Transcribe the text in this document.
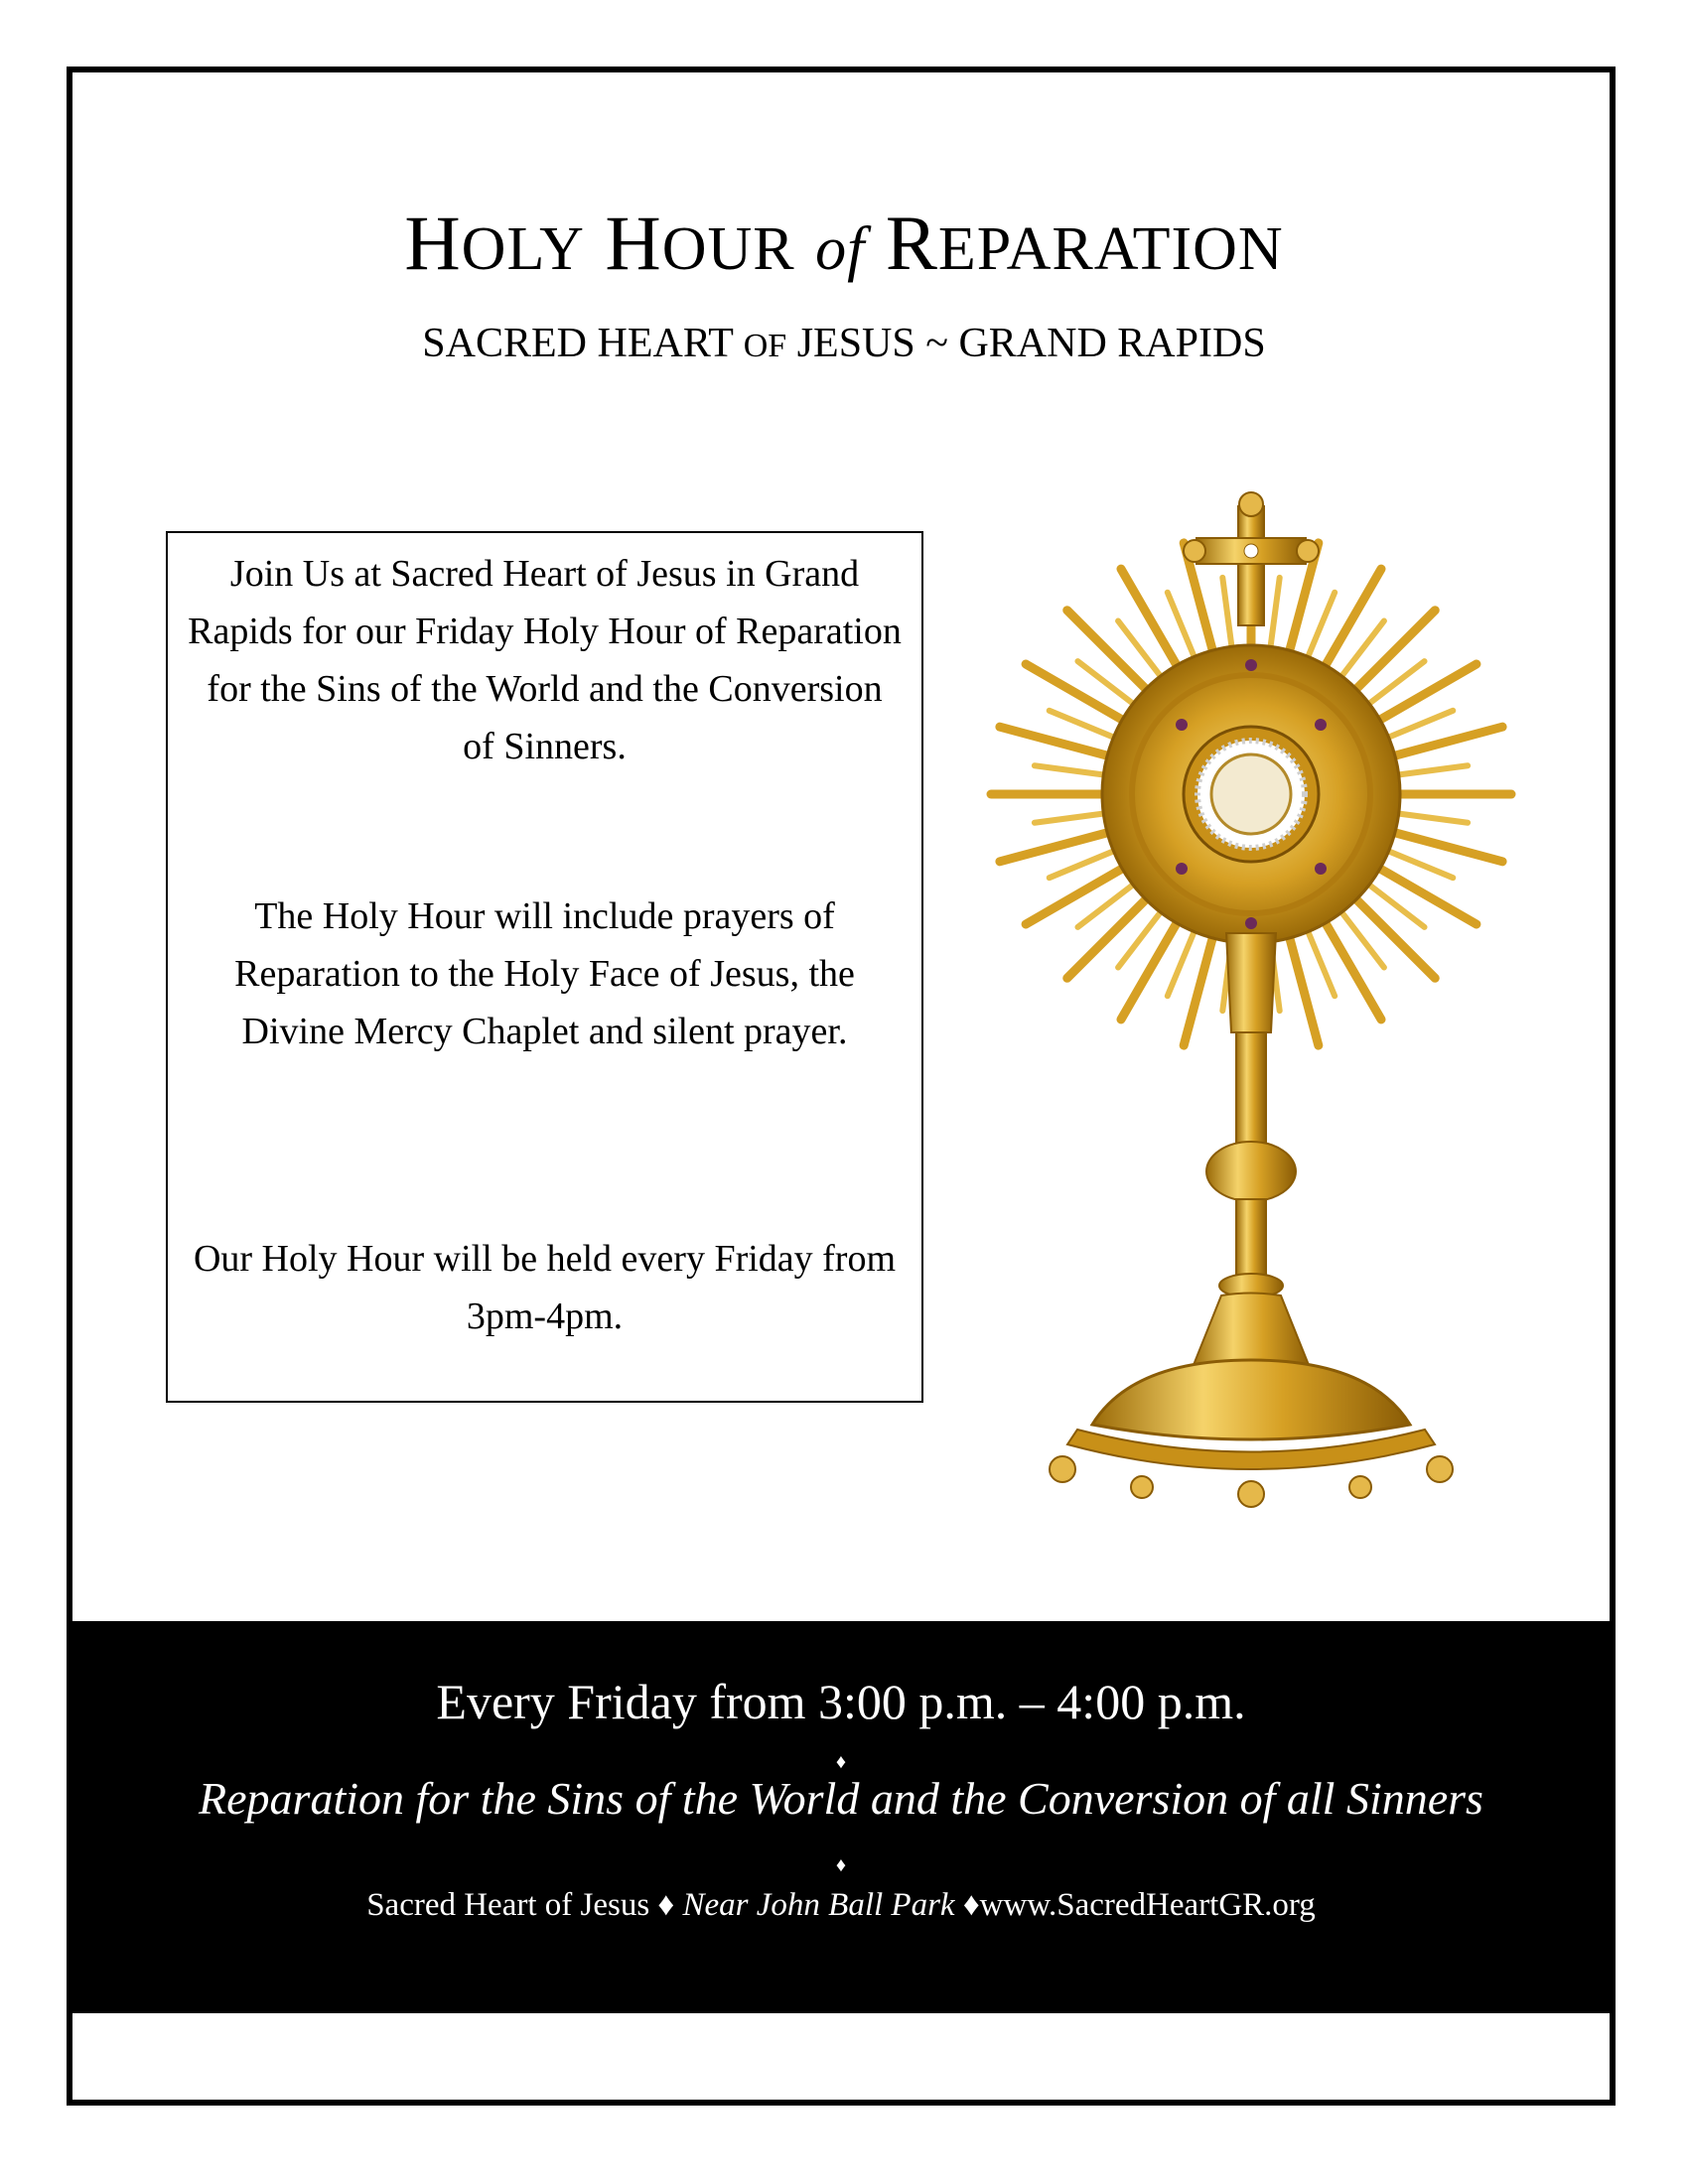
HOLY HOUR of REPARATION
SACRED HEART OF JESUS ~ GRAND RAPIDS

Join Us at Sacred Heart of Jesus in Grand Rapids for our Friday Holy Hour of Reparation for the Sins of the World and the Conversion of Sinners.

The Holy Hour will include prayers of Reparation to the Holy Face of Jesus, the Divine Mercy Chaplet and silent prayer.

Our Holy Hour will be held every Friday from 3pm-4pm.

Every Friday from 3:00 p.m. – 4:00 p.m.
♦
Reparation for the Sins of the World and the Conversion of all Sinners
♦
Sacred Heart of Jesus ♦ Near John Ball Park ♦www.SacredHeartGR.org
